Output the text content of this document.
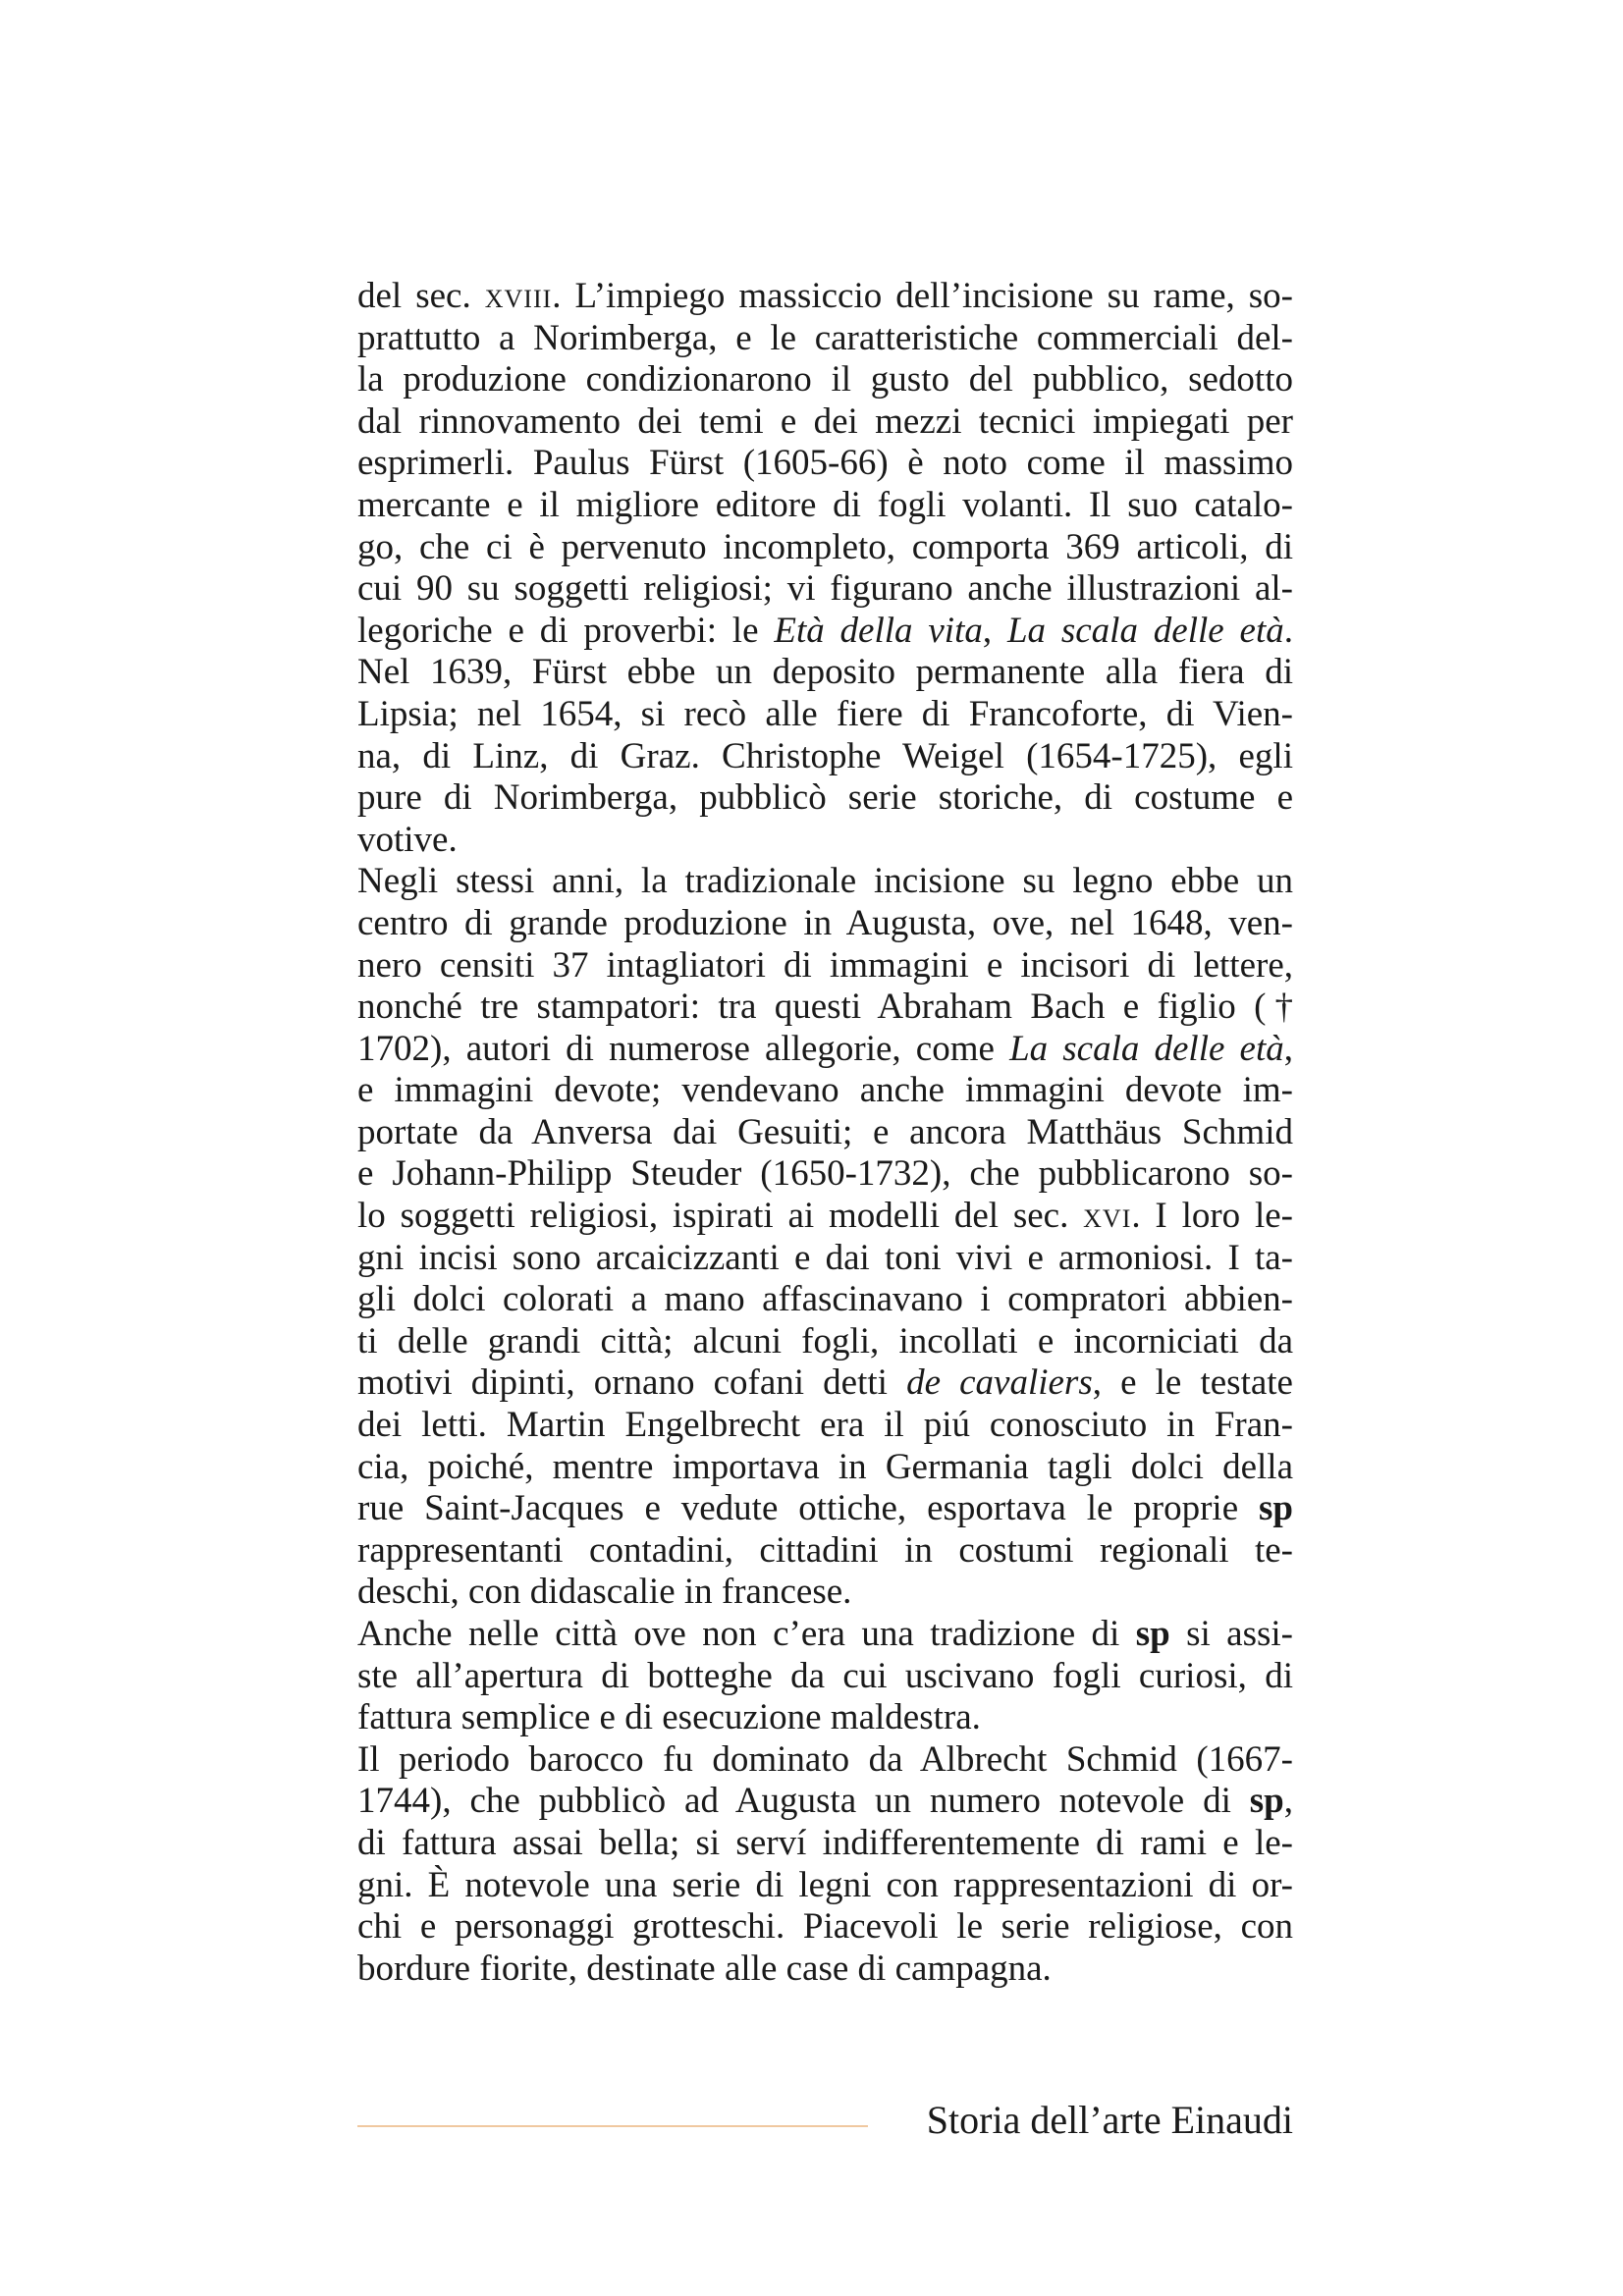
del sec. xviii. L’impiego massiccio dell’incisione su rame, so-
prattutto a Norimberga, e le caratteristiche commerciali del-
la produzione condizionarono il gusto del pubblico, sedotto
dal rinnovamento dei temi e dei mezzi tecnici impiegati per
esprimerli. Paulus Fürst (1605-66) è noto come il massimo
mercante e il migliore editore di fogli volanti. Il suo catalo-
go, che ci è pervenuto incompleto, comporta 369 articoli, di
cui 90 su soggetti religiosi; vi figurano anche illustrazioni al-
legoriche e di proverbi: le Età della vita, La scala delle età.
Nel 1639, Fürst ebbe un deposito permanente alla fiera di
Lipsia; nel 1654, si recò alle fiere di Francoforte, di Vien-
na, di Linz, di Graz. Christophe Weigel (1654-1725), egli
pure di Norimberga, pubblicò serie storiche, di costume e
votive.
Negli stessi anni, la tradizionale incisione su legno ebbe un
centro di grande produzione in Augusta, ove, nel 1648, ven-
nero censiti 37 intagliatori di immagini e incisori di lettere,
nonché tre stampatori: tra questi Abraham Bach e figlio (†
1702), autori di numerose allegorie, come La scala delle età,
e immagini devote; vendevano anche immagini devote im-
portate da Anversa dai Gesuiti; e ancora Matthäus Schmid
e Johann-Philipp Steuder (1650-1732), che pubblicarono so-
lo soggetti religiosi, ispirati ai modelli del sec. xvi. I loro le-
gni incisi sono arcaicizzanti e dai toni vivi e armoniosi. I ta-
gli dolci colorati a mano affascinavano i compratori abbien-
ti delle grandi città; alcuni fogli, incollati e incorniciati da
motivi dipinti, ornano cofani detti de cavaliers, e le testate
dei letti. Martin Engelbrecht era il piú conosciuto in Fran-
cia, poiché, mentre importava in Germania tagli dolci della
rue Saint-Jacques e vedute ottiche, esportava le proprie sp
rappresentanti contadini, cittadini in costumi regionali te-
deschi, con didascalie in francese.
Anche nelle città ove non c’era una tradizione di sp si assi-
ste all’apertura di botteghe da cui uscivano fogli curiosi, di
fattura semplice e di esecuzione maldestra.
Il periodo barocco fu dominato da Albrecht Schmid (1667-
1744), che pubblicò ad Augusta un numero notevole di sp,
di fattura assai bella; si serví indifferentemente di rami e le-
gni. È notevole una serie di legni con rappresentazioni di or-
chi e personaggi grotteschi. Piacevoli le serie religiose, con
bordure fiorite, destinate alle case di campagna.
Storia dell’arte Einaudi
